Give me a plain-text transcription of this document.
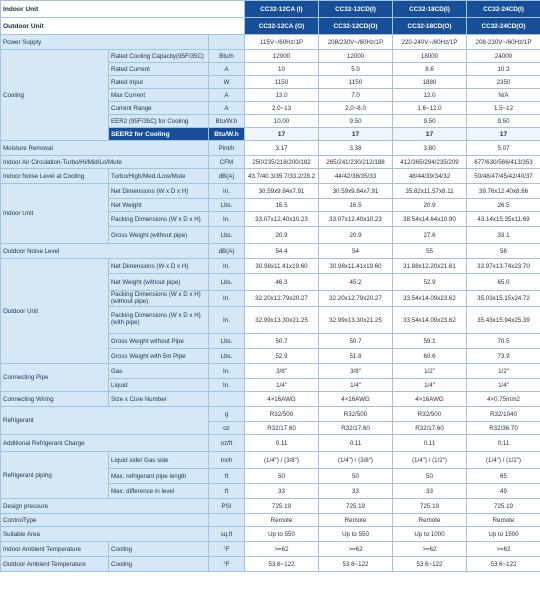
Indoor Unit			CC32-12CA (I)	CC32-12CD(I)	CC32-18CD(I)	CC32-24CD(I)
Outdoor Unit			CC32-12CA (O)	CC32-12CD(O)	CC32-18CD(O)	CC32-24CD(O)
Power Supply			115V~/60Hz/1P	208/230V~/60Hz/1P	220-240V~/60Hz/1P	208-230V~/60Hz/1P
Cooling	Rated Cooling Capacity(95F/35C)	Btu/h	12000	12000	18000	24000
	Rated Current	A	10	5.0	8.6	10.3
	Rated Input	W	1150	1150	1880	2350
	Max Current	A	13.0	7.0	12.0	N/A
	Current Range	A	2.0~13	2.0~8.0	1.6~12.0	1.5~12
	EER2 (95F/35C) for Cooling	Btu/W.h	10.00	9.50	9.50	9.50
	SEER2 for Cooling	Btu/W.h	17	17	17	17
Moisture Removal		Pint/h	3.17	3.38	3.80	5.07
Indoor Air Circulation-Turbo/Hi/Mid/Lo/Mute		CFM	250/235/218/200/182	265/241/230/212/188	412/365/294/235/209	677/630/566/413/353
Indoor Noise Level at Cooling	Turbo/High/Med./Low/Mute	dB(A)	43.7/40.3/35.7/33.2/28.2	44/42/38/35/33	48/44/39/34/32	50/48/47/45/42/40/37
Indoor Unit	Net Dimensions (W x D x H)	In.	30.59x9.84x7.91	30.59x9.84x7.91	35.82x11.57x8.11	39.76x12.40x8.66
	Net Weight	Lbs.	16.5	16.5	20.9	26.5
	Packing Dimensions (W x D x H)	In.	33.07x12.40x10.23	33.07x12.40x10.23	38.54x14.64x10.90	43.14x15.35x11.69
	Gross Weight (without pipe)	Lbs.	20.9	20.9	27.6	33.1
Outdoor Noise Level		dB(A)	54.4	54	55	56
Outdoor Unit	Net Dimensions (W x D x H)	In.	30.98x11.41x19.60	30.98x11.41x19.60	31.88x12.20x21.61	33.97x13.74x23.70
	Net Weight (without pipe)	Lbs.	46.3	45.2	52.9	65.0
	Packing Dimensions (W x D x H) (without pipe)	In.	32.20x12.79x20.27	32.20x12.79x20.27	33.54x14.09x23.62	35.03x15.15x24.72
	Packing Dimensions (W x D x H) (with pipe)	In.	32.99x13.30x21.25	32.99x13.30x21.25	33.54x14.09x23.62	35.43x15.94x25.39
	Gross Weight without Pipe	Lbs.	50.7	50.7	59.1	70.5
	Gross Weight with 5m Pipe	Lbs.	52.9	51.8	60.6	73.9
Connecting Pipe	Gas	In.	3/8"	3/8"	1/2"	1/2"
	Liquid	In.	1/4"	1/4"	1/4"	1/4"
Connecting Wiring	Size x Core Number		4×16AWG	4×16AWG	4×16AWG	4×0.75mm2
Refrigerant		g	R32/500	R32/500	R32/500	R32/1040
		oz	R32/17.60	R32/17.60	R32/17.60	R32/36.70
Additional Refrigerant Charge		oz/ft	0.11	0.11	0.11	0.11
Refrigerant piping	Liquid side/ Gas side	Inch	(1/4") / (3/8")	(1/4") / (3/8")	(1/4") / (1/2")	(1/4") / (1/2")
	Max. refrigerant pipe length	ft	50	50	50	65
	Max. difference in level	ft	33	33	33	49
Design pressure		PSI	725.19	725.19	725.19	725.19
ControlType			Remote	Remote	Remote	Remote
Suitable Area		sq.ft	Up to 550	Up to 550	Up to 1000	Up to 1500
Indoor Ambient Temperature	Cooling	°F	>=62	>=62	>=62	>=62
Outdoor Ambient Temperature	Cooling	°F	53.6~122	53.6~122	53.6~122	53.6~122
